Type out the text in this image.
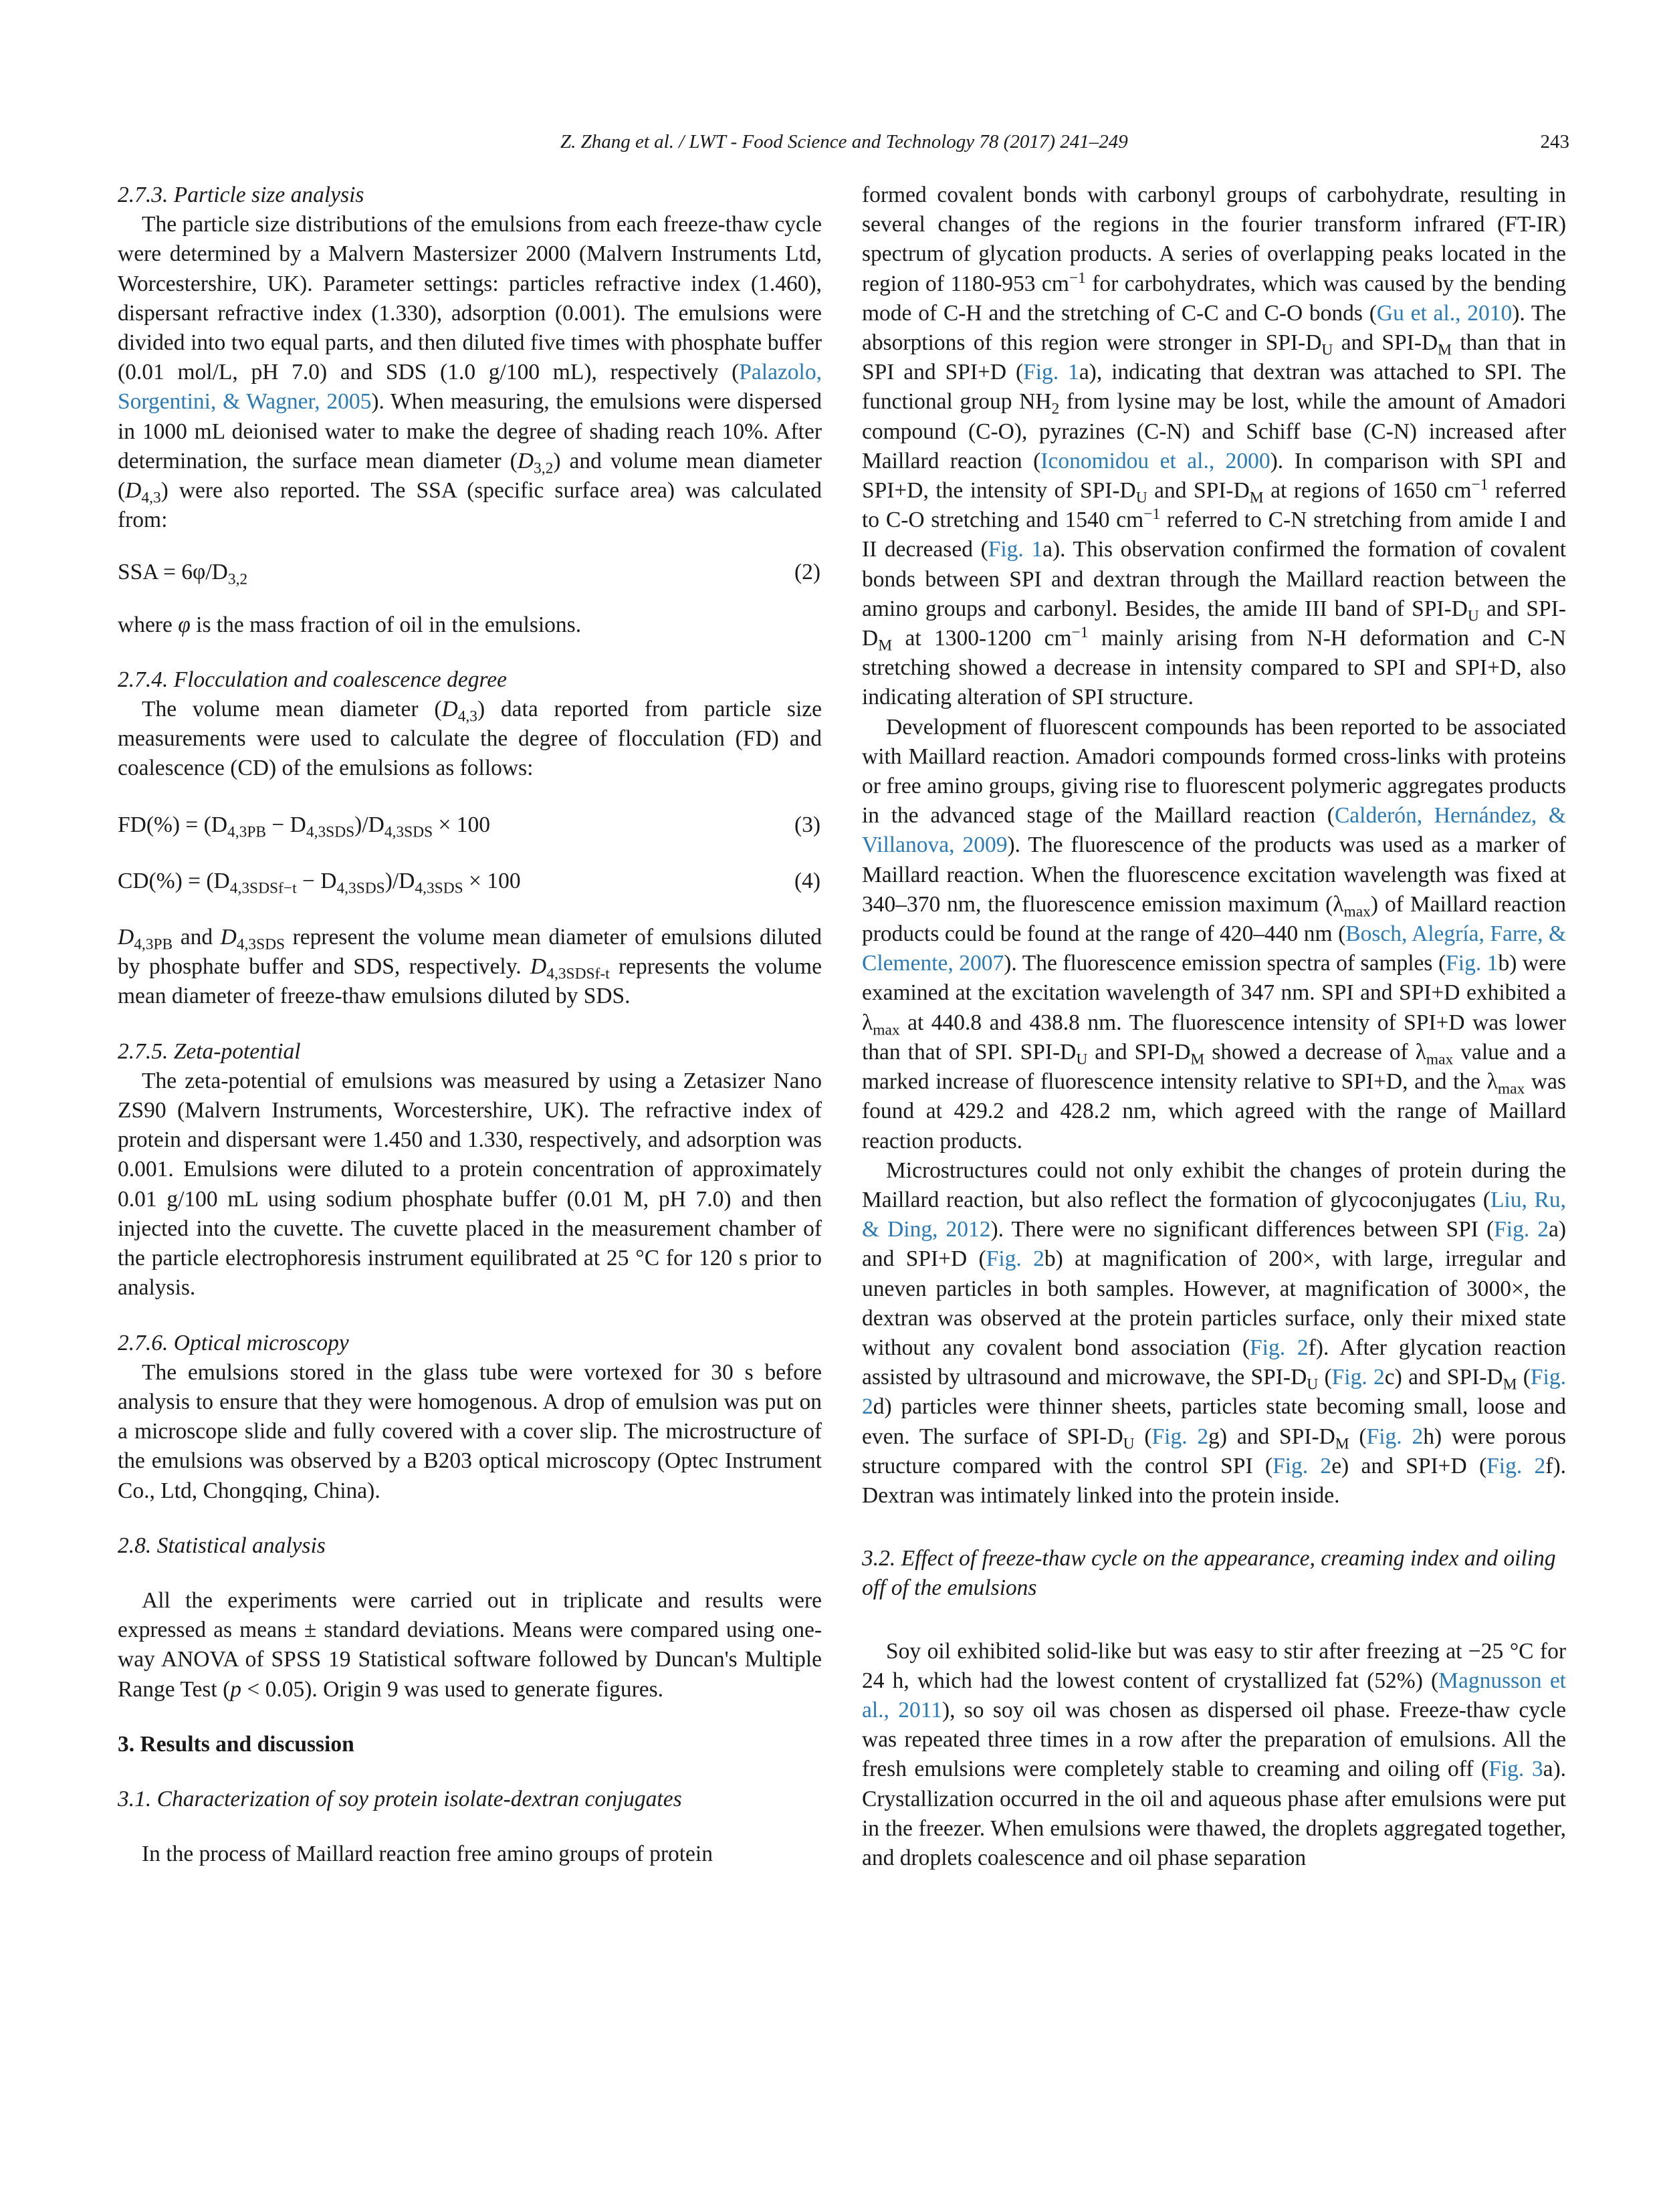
Z. Zhang et al. / LWT - Food Science and Technology 78 (2017) 241–249	243
2.7.3. Particle size analysis

The particle size distributions of the emulsions from each freeze-thaw cycle were determined by a Malvern Mastersizer 2000 (Malvern Instruments Ltd, Worcestershire, UK). Parameter settings: particles refractive index (1.460), dispersant refractive index (1.330), adsorption (0.001). The emulsions were divided into two equal parts, and then diluted five times with phosphate buffer (0.01 mol/L, pH 7.0) and SDS (1.0 g/100 mL), respectively (Palazolo, Sorgentini, & Wagner, 2005). When measuring, the emulsions were dispersed in 1000 mL deionised water to make the degree of shading reach 10%. After determination, the surface mean diameter $(D_{3,2})$ and volume mean diameter $(D_{4,3})$ were also reported. The SSA (specific surface area) was calculated from:

SSA = $6\varphi/D_{3,2}$	(2)

where φ is the mass fraction of oil in the emulsions.

2.7.4. Flocculation and coalescence degree

The volume mean diameter $(D_{4,3})$ data reported from particle size measurements were used to calculate the degree of flocculation (FD) and coalescence (CD) of the emulsions as follows:

$FD(\%) = (D_{4,3PB} - D_{4,3SDS})/D_{4,3SDS} \times 100$	(3)
$CD(\%) = (D_{4,3SDSf-t} - D_{4,3SDS})/D_{4,3SDS} \times 100$	(4)

$D_{4,3PB}$ and $D_{4,3SDS}$ represent the volume mean diameter of emulsions diluted by phosphate buffer and SDS, respectively. $D_{4,3SDSf-t}$ represents the volume mean diameter of freeze-thaw emulsions diluted by SDS.

2.7.5. Zeta-potential

The zeta-potential of emulsions was measured by using a Zetasizer Nano ZS90 (Malvern Instruments, Worcestershire, UK). The refractive index of protein and dispersant were 1.450 and 1.330, respectively, and adsorption was 0.001. Emulsions were diluted to a protein concentration of approximately 0.01 g/100 mL using sodium phosphate buffer (0.01 M, pH 7.0) and then injected into the cuvette. The cuvette placed in the measurement chamber of the particle electrophoresis instrument equilibrated at 25 °C for 120 s prior to analysis.

2.7.6. Optical microscopy

The emulsions stored in the glass tube were vortexed for 30 s before analysis to ensure that they were homogenous. A drop of emulsion was put on a microscope slide and fully covered with a cover slip. The microstructure of the emulsions was observed by a B203 optical microscopy (Optec Instrument Co., Ltd, Chongqing, China).

2.8. Statistical analysis

All the experiments were carried out in triplicate and results were expressed as means ± standard deviations. Means were compared using one-way ANOVA of SPSS 19 Statistical software followed by Duncan's Multiple Range Test (p < 0.05). Origin 9 was used to generate figures.

3. Results and discussion
3.1. Characterization of soy protein isolate-dextran conjugates

In the process of Maillard reaction free amino groups of protein

formed covalent bonds with carbonyl groups of carbohydrate, resulting in several changes of the regions in the fourier transform infrared (FT-IR) spectrum of glycation products. A series of overlapping peaks located in the region of 1180-953 $cm^{-1}$ for carbohydrates, which was caused by the bending mode of C-H and the stretching of C-C and C-O bonds (Gu et al., 2010). The absorptions of this region were stronger in SPI-$D_U$ and SPI-$D_M$ than that in SPI and SPI+D (Fig. 1a), indicating that dextran was attached to SPI. The functional group $NH_2$ from lysine may be lost, while the amount of Amadori compound (C-O), pyrazines (C-N) and Schiff base (C-N) increased after Maillard reaction (Iconomidou et al., 2000). In comparison with SPI and SPI+D, the intensity of SPI-$D_U$ and SPI-$D_M$ at regions of 1650 $cm^{-1}$ referred to C-O stretching and 1540 $cm^{-1}$ referred to C-N stretching from amide I and II decreased (Fig. 1a). This observation confirmed the formation of covalent bonds between SPI and dextran through the Maillard reaction between the amino groups and carbonyl. Besides, the amide III band of SPI-$D_U$ and SPI-$D_M$ at 1300-1200 $cm^{-1}$ mainly arising from N-H deformation and C-N stretching showed a decrease in intensity compared to SPI and SPI+D, also indicating alteration of SPI structure.

Development of fluorescent compounds has been reported to be associated with Maillard reaction. Amadori compounds formed cross-links with proteins or free amino groups, giving rise to fluorescent polymeric aggregates products in the advanced stage of the Maillard reaction (Calderón, Hernández, & Villanova, 2009). The fluorescence of the products was used as a marker of Maillard reaction. When the fluorescence excitation wavelength was fixed at 340–370 nm, the fluorescence emission maximum $(\lambda_{max})$ of Maillard reaction products could be found at the range of 420–440 nm (Bosch, Alegría, Farre, & Clemente, 2007). The fluorescence emission spectra of samples (Fig. 1b) were examined at the excitation wavelength of 347 nm. SPI and SPI+D exhibited a $\lambda_{max}$ at 440.8 and 438.8 nm. The fluorescence intensity of SPI+D was lower than that of SPI. SPI-$D_U$ and SPI-$D_M$ showed a decrease of $\lambda_{max}$ value and a marked increase of fluorescence intensity relative to SPI+D, and the $\lambda_{max}$ was found at 429.2 and 428.2 nm, which agreed with the range of Maillard reaction products.

Microstructures could not only exhibit the changes of protein during the Maillard reaction, but also reflect the formation of glycoconjugates (Liu, Ru, & Ding, 2012). There were no significant differences between SPI (Fig. 2a) and SPI+D (Fig. 2b) at magnification of 200×, with large, irregular and uneven particles in both samples. However, at magnification of 3000×, the dextran was observed at the protein particles surface, only their mixed state without any covalent bond association (Fig. 2f). After glycation reaction assisted by ultrasound and microwave, the SPI-$D_U$ (Fig. 2c) and SPI-$D_M$ (Fig. 2d) particles were thinner sheets, particles state becoming small, loose and even. The surface of SPI-$D_U$ (Fig. 2g) and SPI-$D_M$ (Fig. 2h) were porous structure compared with the control SPI (Fig. 2e) and SPI+D (Fig. 2f). Dextran was intimately linked into the protein inside.

3.2. Effect of freeze-thaw cycle on the appearance, creaming index and oiling off of the emulsions

Soy oil exhibited solid-like but was easy to stir after freezing at −25 °C for 24 h, which had the lowest content of crystallized fat (52%) (Magnusson et al., 2011), so soy oil was chosen as dispersed oil phase. Freeze-thaw cycle was repeated three times in a row after the preparation of emulsions. All the fresh emulsions were completely stable to creaming and oiling off (Fig. 3a). Crystallization occurred in the oil and aqueous phase after emulsions were put in the freezer. When emulsions were thawed, the droplets aggregated together, and droplets coalescence and oil phase separation
